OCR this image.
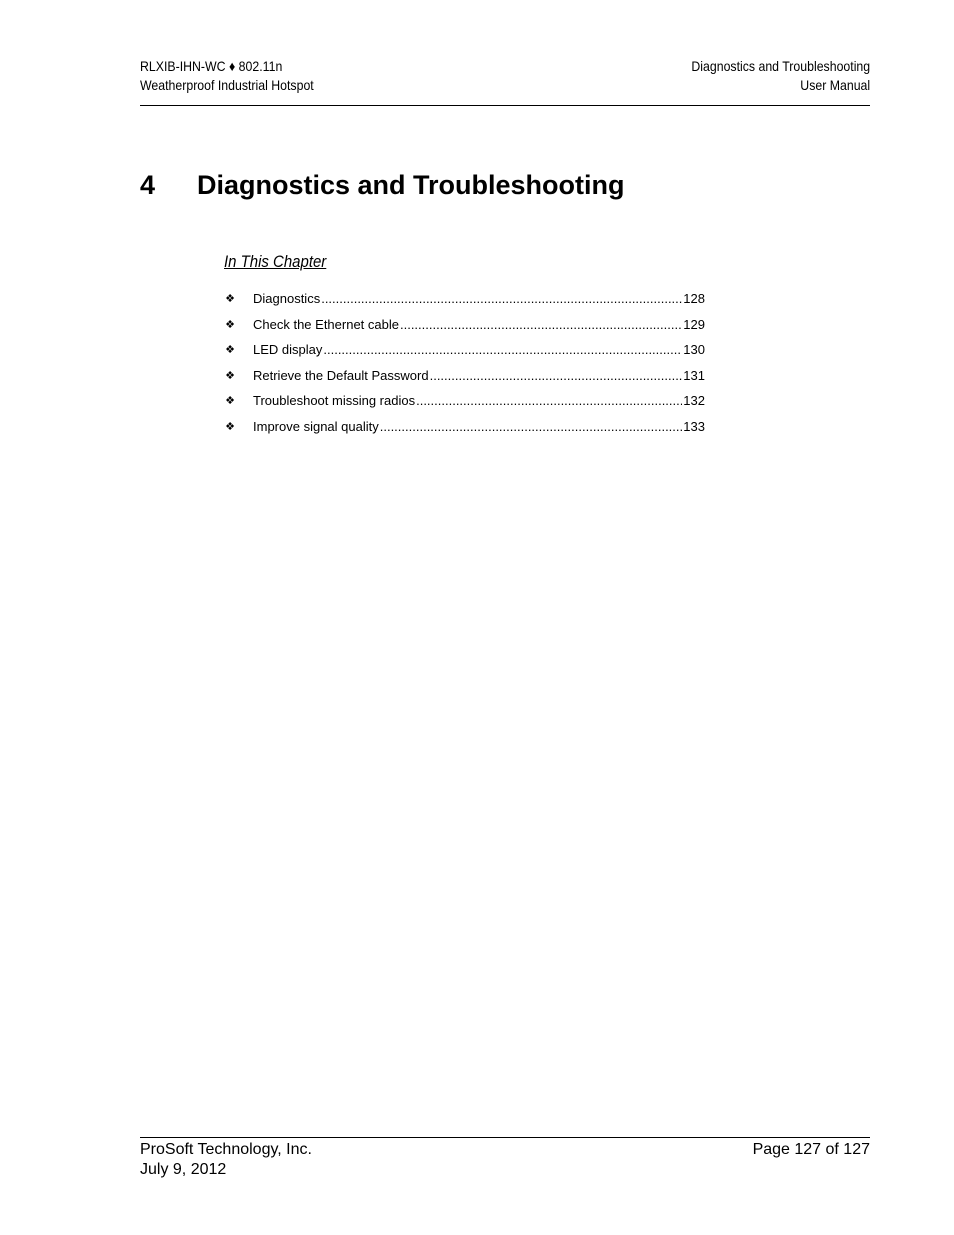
RLXIB-IHN-WC ♦ 802.11n
Weatherproof Industrial Hotspot
Diagnostics and Troubleshooting
User Manual
4 Diagnostics and Troubleshooting
In This Chapter
❖ Diagnostics .....	128
❖ Check the Ethernet cable .....	129
❖ LED display .....	130
❖ Retrieve the Default Password .....	131
❖ Troubleshoot missing radios .....	132
❖ Improve signal quality .....	133
ProSoft Technology, Inc.
July 9, 2012
Page 127 of 127
